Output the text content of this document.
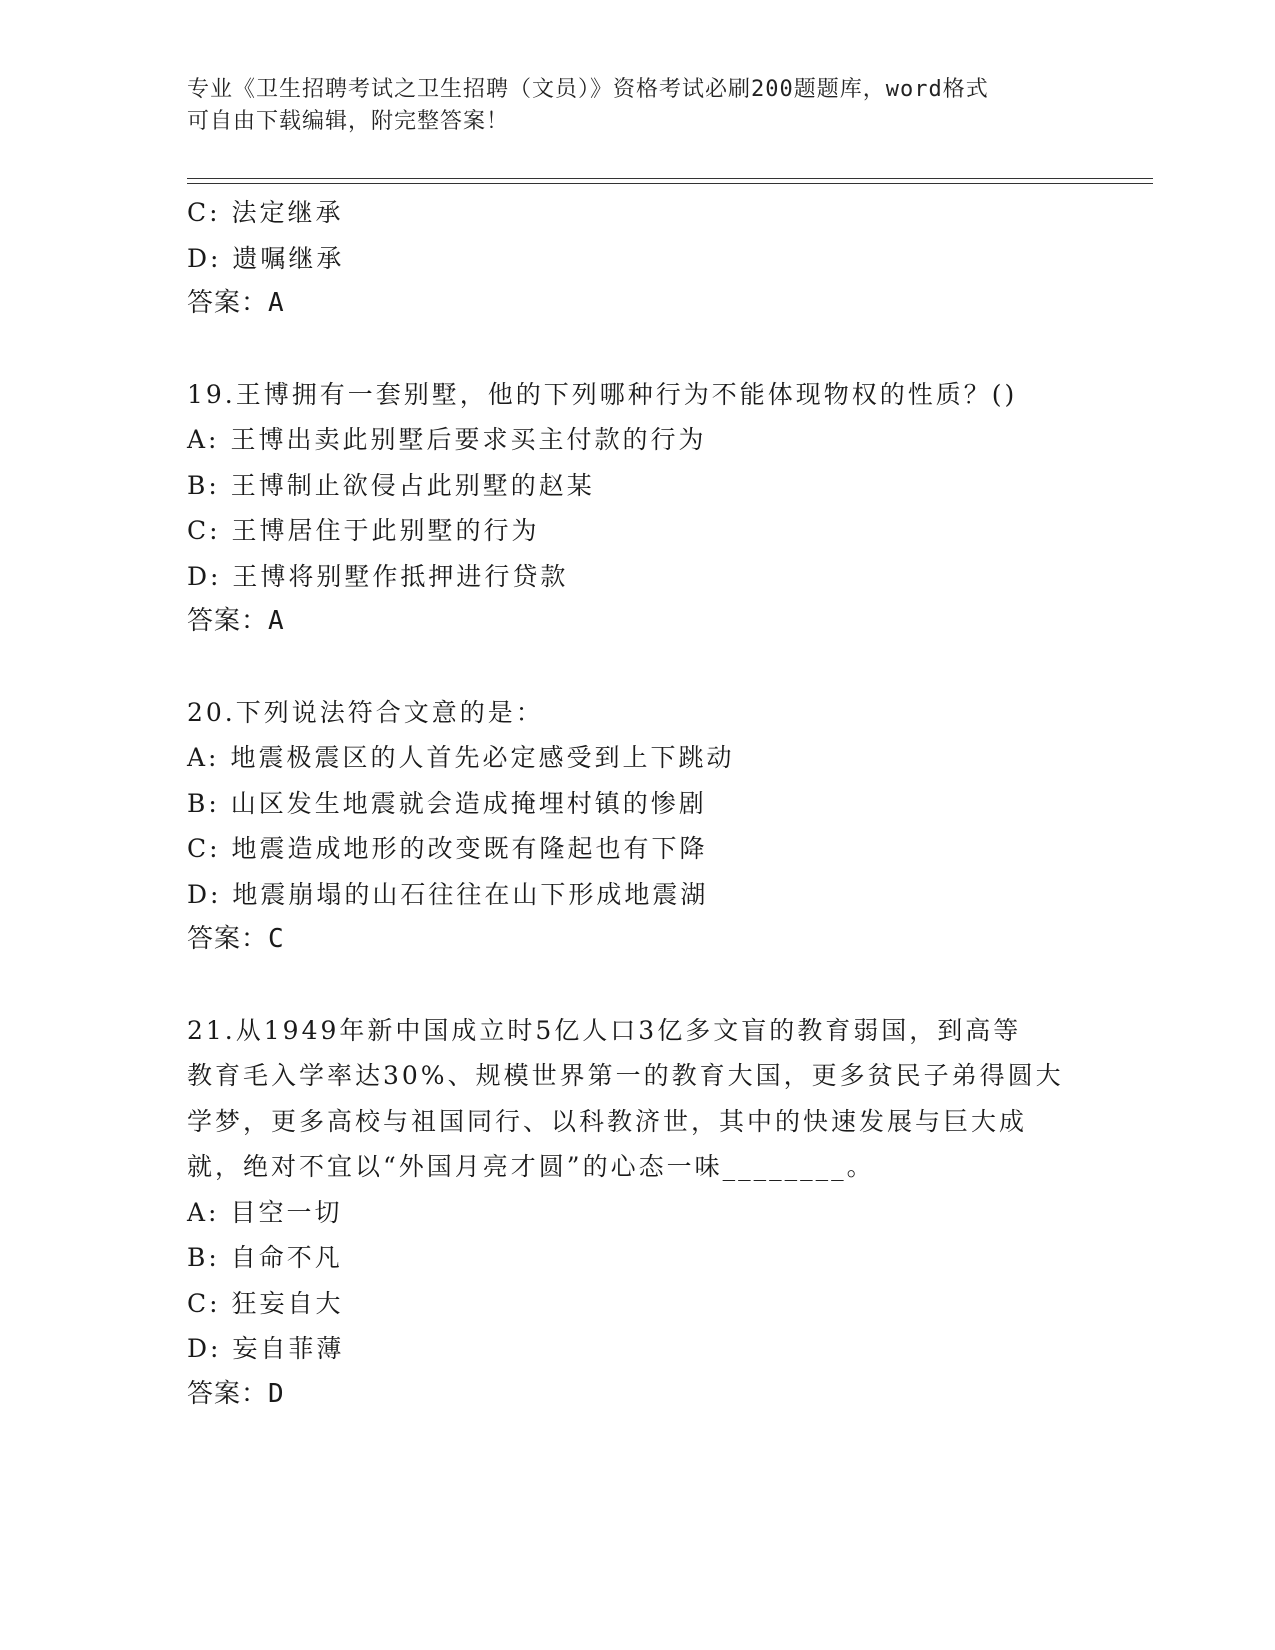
专业《卫生招聘考试之卫生招聘（文员）》资格考试必刷200题题库，word格式
可自由下载编辑，附完整答案！
C: 法定继承
D: 遗嘱继承
答案：A
19.王博拥有一套别墅，他的下列哪种行为不能体现物权的性质？()
A: 王博出卖此别墅后要求买主付款的行为
B: 王博制止欲侵占此别墅的赵某
C: 王博居住于此别墅的行为
D: 王博将别墅作抵押进行贷款
答案：A
20.下列说法符合文意的是：
A: 地震极震区的人首先必定感受到上下跳动
B: 山区发生地震就会造成掩埋村镇的惨剧
C: 地震造成地形的改变既有隆起也有下降
D: 地震崩塌的山石往往在山下形成地震湖
答案：C
21.从1949年新中国成立时5亿人口3亿多文盲的教育弱国，到高等
教育毛入学率达30%、规模世界第一的教育大国，更多贫民子弟得圆大
学梦，更多高校与祖国同行、以科教济世，其中的快速发展与巨大成
就，绝对不宜以“外国月亮才圆”的心态一味________。
A: 目空一切
B: 自命不凡
C: 狂妄自大
D: 妄自菲薄
答案：D
